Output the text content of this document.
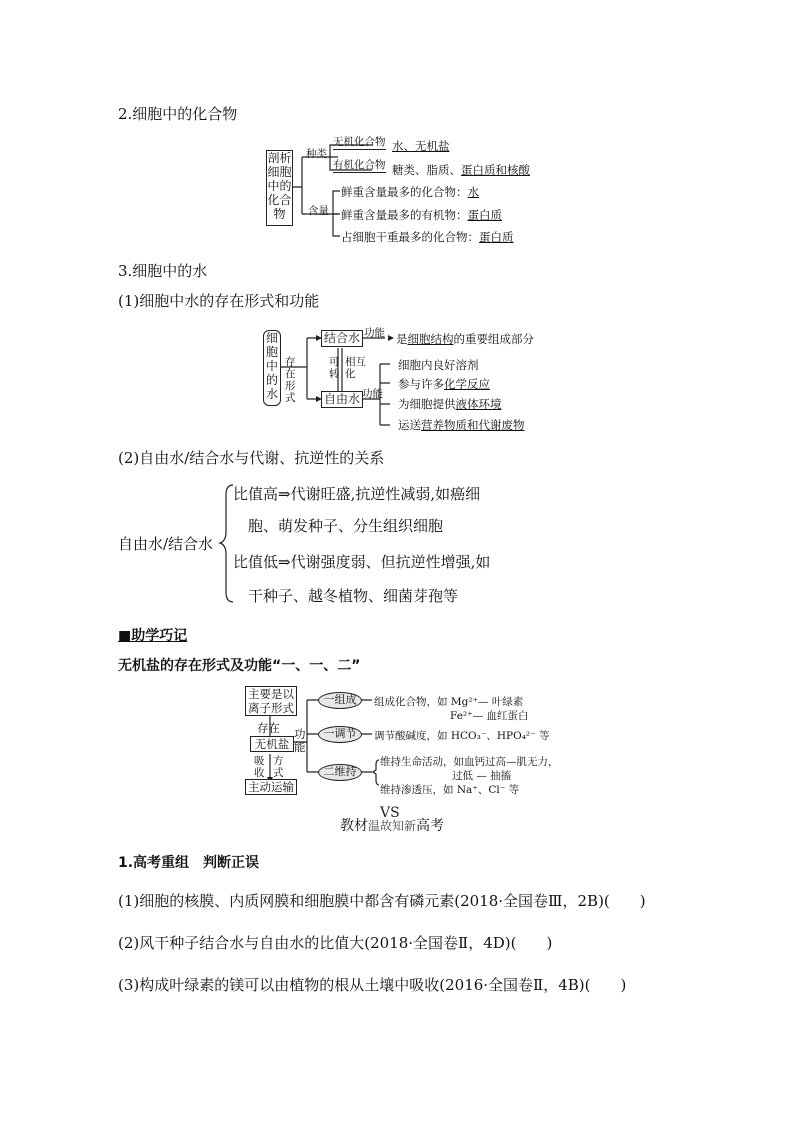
2.细胞中的化合物
剖析细胞中的化合物
种类
含量
无机化合物 水、无机盐
有机化合物 糖类、脂质、蛋白质和核酸
鲜重含量最多的化合物：水
鲜重含量最多的有机物：蛋白质
占细胞干重最多的化合物：蛋白质
3.细胞中的水
(1)细胞中水的存在形式和功能
细胞中的水
存在形式
结合水
自由水
可转
相互化
功能
功能
是细胞结构的重要组成部分
细胞内良好溶剂
参与许多化学反应
为细胞提供液体环境
运送营养物质和代谢废物
(2)自由水/结合水与代谢、抗逆性的关系
自由水/结合水
比值高⇒代谢旺盛,抗逆性减弱,如癌细
胞、萌发种子、分生组织细胞
比值低⇒代谢强度弱、但抗逆性增强,如
干种子、越冬植物、细菌芽孢等
■助学巧记
无机盐的存在形式及功能“一、一、二”
主要是以离子形式
存在
无机盐
吸收
方式
主动运输
功能
一组成
一调节
二维持
组成化合物，如 Mg²⁺— 叶绿素
Fe²⁺— 血红蛋白
调节酸碱度，如 HCO₃⁻、HPO₄²⁻ 等
维持生命活动，如血钙过高—肌无力，
过低 — 抽搐
维持渗透压，如 Na⁺、Cl⁻ 等
教材温故知新
VS
高考
1.高考重组　判断正误
(1)细胞的核膜、内质网膜和细胞膜中都含有磷元素(2018·全国卷Ⅲ，2B)(　　)
(2)风干种子结合水与自由水的比值大(2018·全国卷Ⅱ，4D)(　　)
(3)构成叶绿素的镁可以由植物的根从土壤中吸收(2016·全国卷Ⅱ，4B)(　　)
